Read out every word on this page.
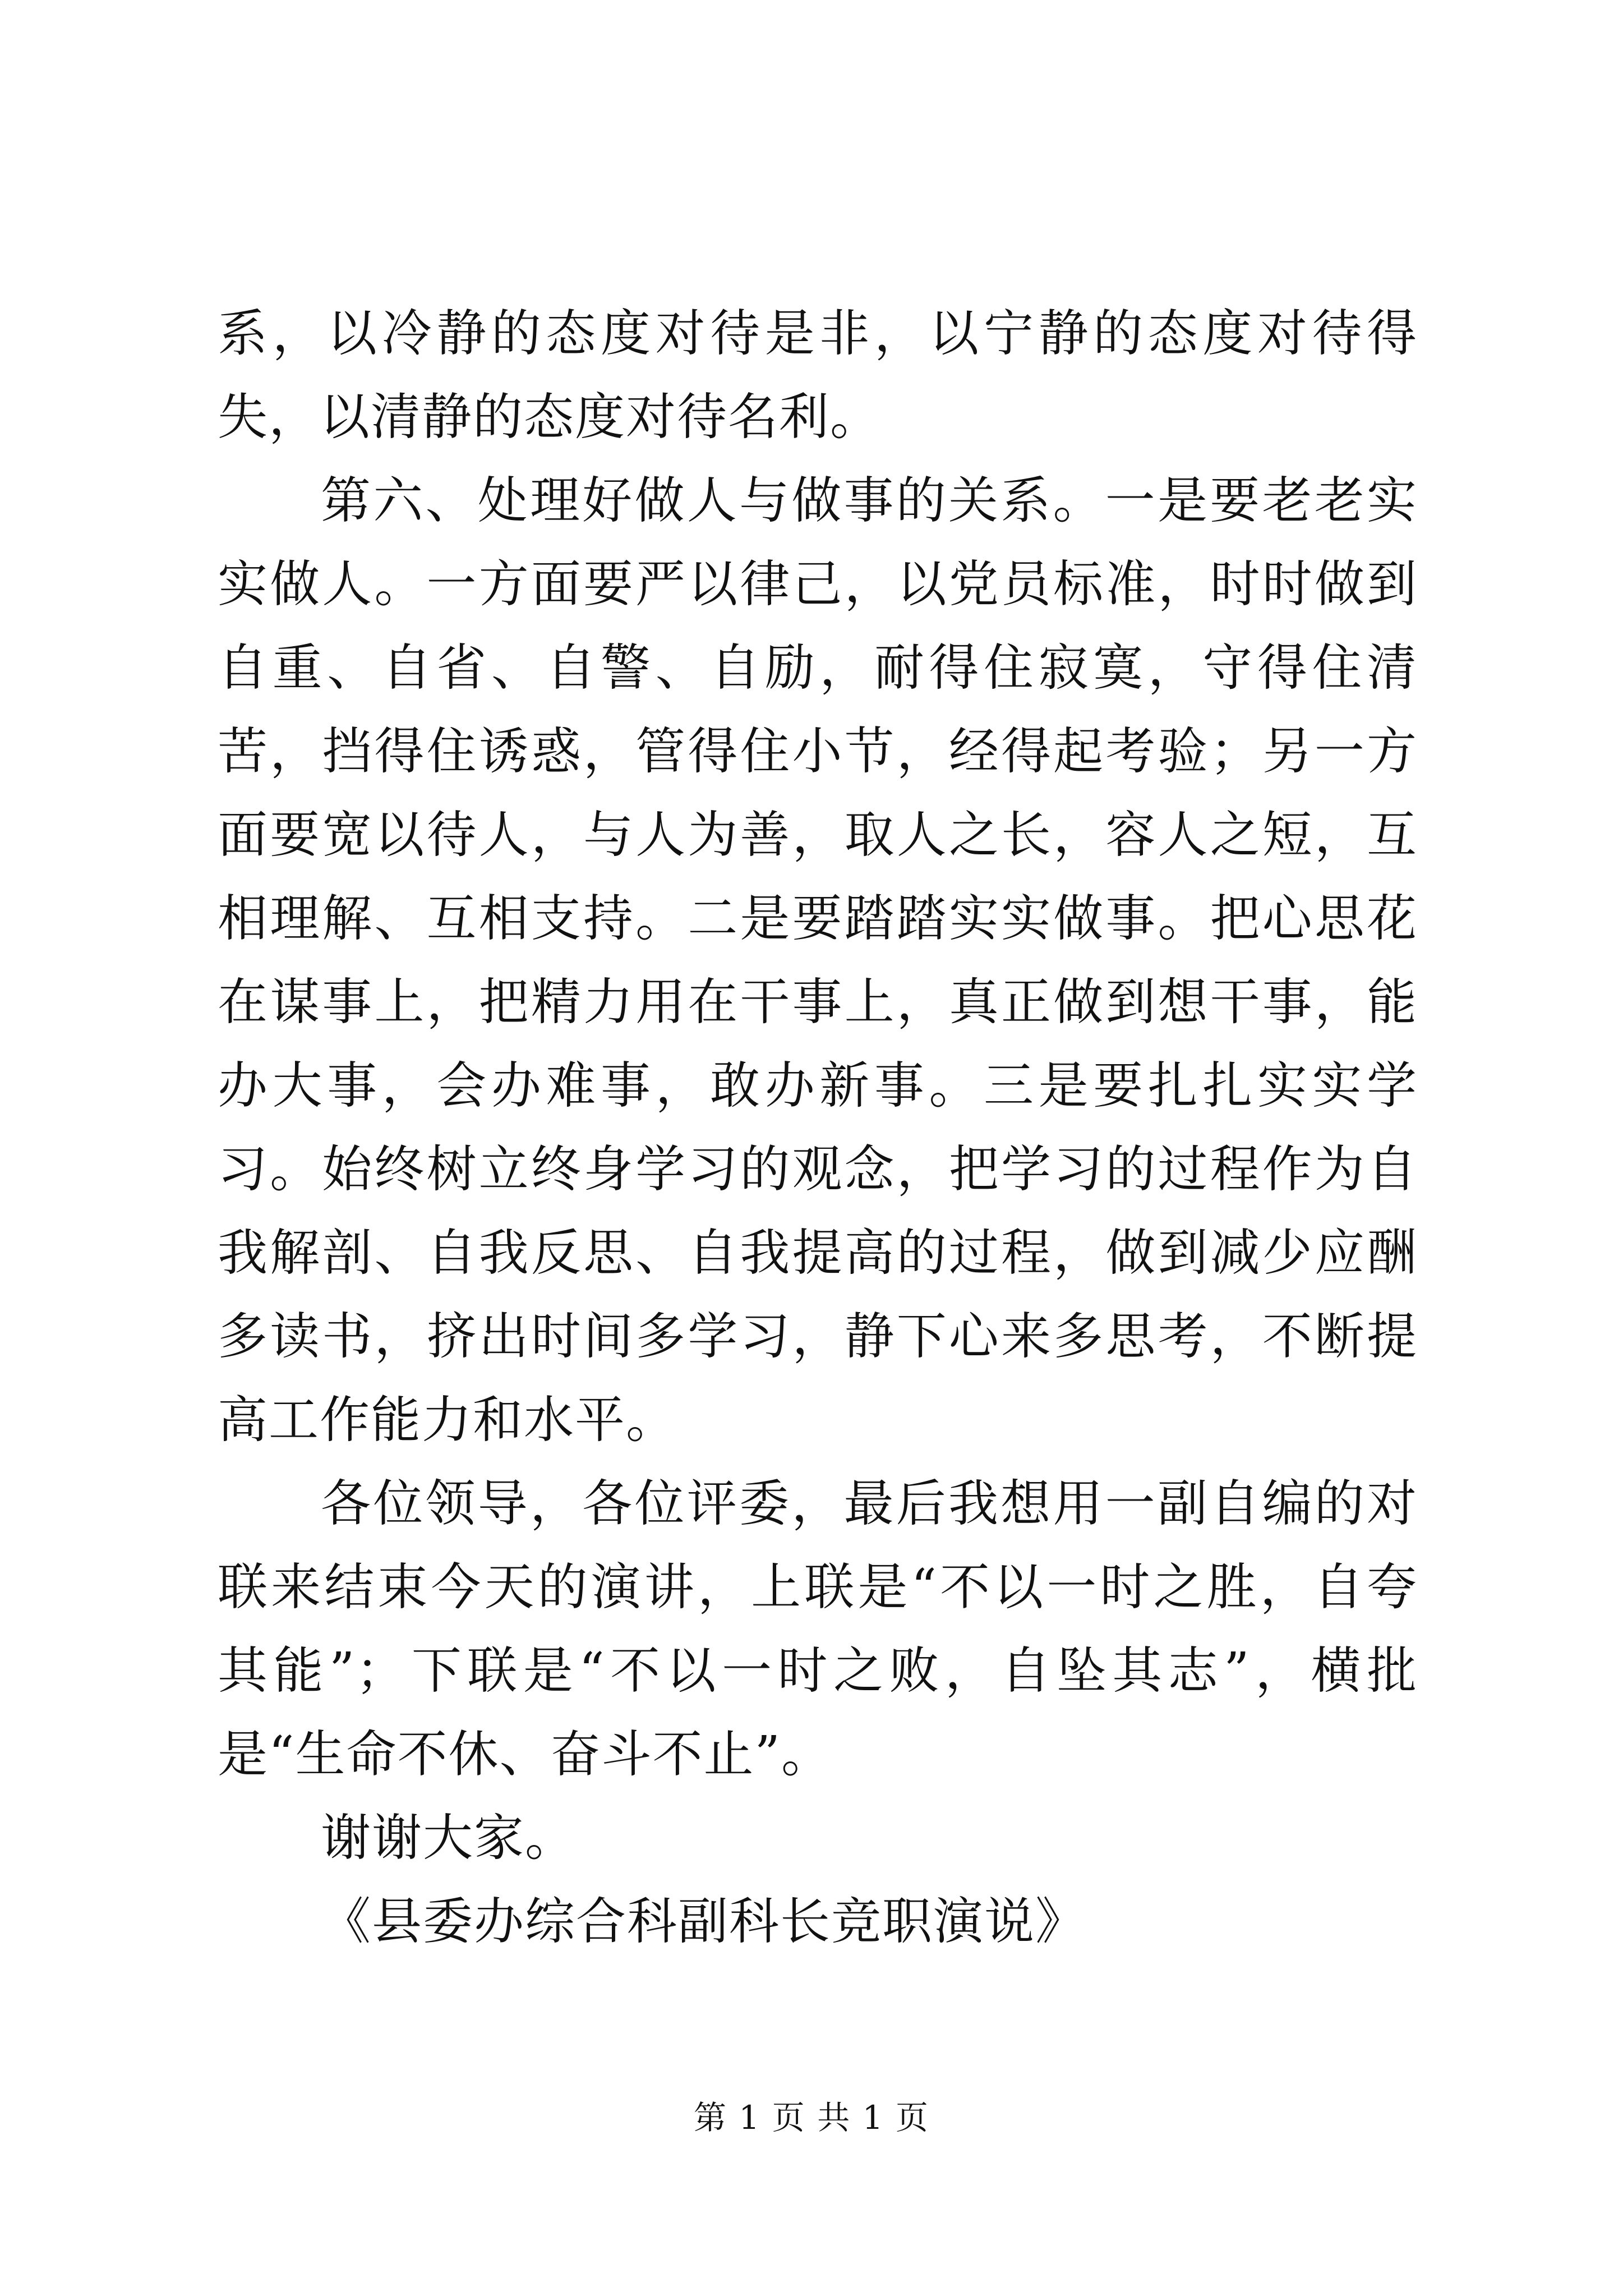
系，以冷静的态度对待是非，以宁静的态度对待得失，以清静的态度对待名利。

第六、处理好做人与做事的关系。一是要老老实实做人。一方面要严以律己，以党员标准，时时做到自重、自省、自警、自励，耐得住寂寞，守得住清苦，挡得住诱惑，管得住小节，经得起考验；另一方面要宽以待人，与人为善，取人之长，容人之短，互相理解、互相支持。二是要踏踏实实做事。把心思花在谋事上，把精力用在干事上，真正做到想干事，能办大事，会办难事，敢办新事。三是要扎扎实实学习。始终树立终身学习的观念，把学习的过程作为自我解剖、自我反思、自我提高的过程，做到减少应酬多读书，挤出时间多学习，静下心来多思考，不断提高工作能力和水平。

各位领导，各位评委，最后我想用一副自编的对联来结束今天的演讲，上联是“不以一时之胜，自夸其能”；下联是“不以一时之败，自坠其志”，横批是“生命不休、奋斗不止”。

谢谢大家。

《县委办综合科副科长竞职演说》

第 1 页 共 1 页
